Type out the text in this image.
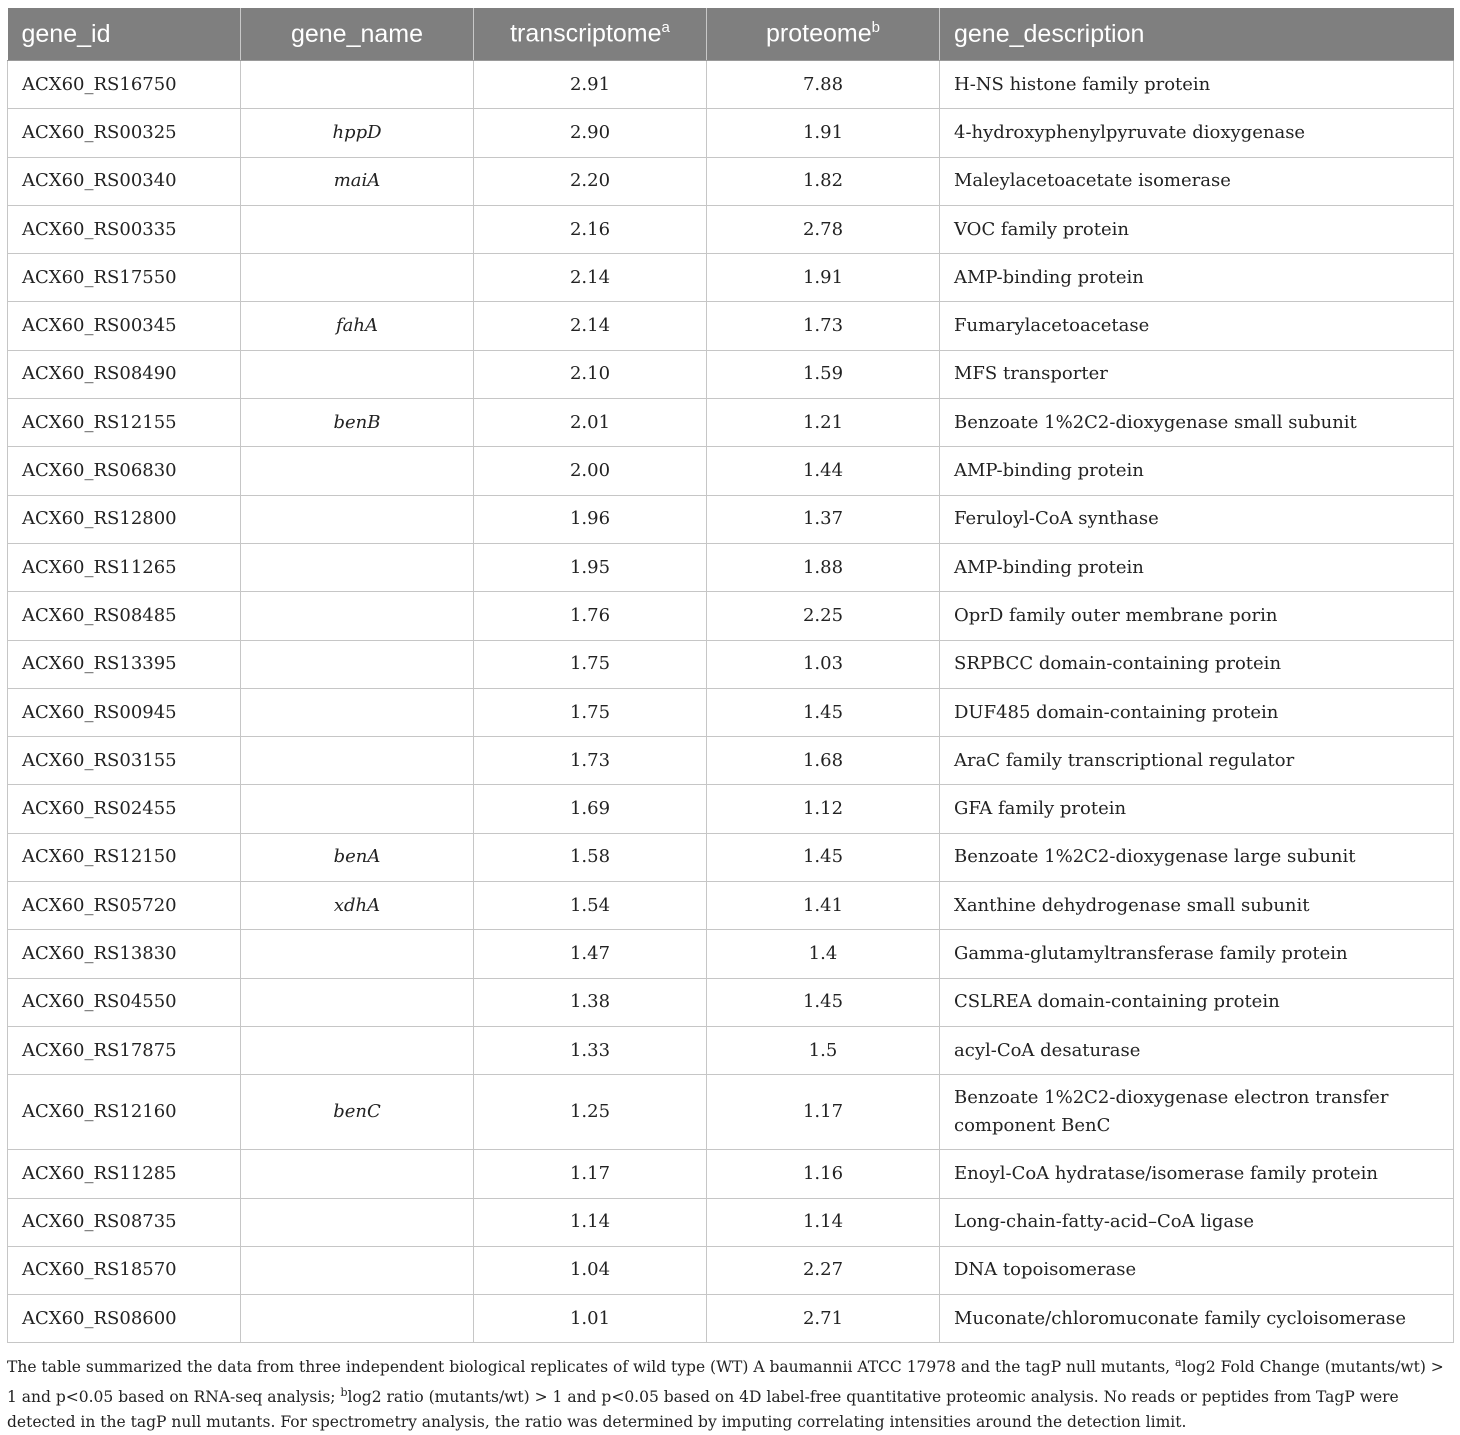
gene_id	gene_name	transcriptome$^a$	proteome$^b$	gene_description
ACX60_RS16750		2.91	7.88	H-NS histone family protein
ACX60_RS00325	hppD	2.90	1.91	4-hydroxyphenylpyruvate dioxygenase
ACX60_RS00340	maiA	2.20	1.82	Maleylacetoacetate isomerase
ACX60_RS00335		2.16	2.78	VOC family protein
ACX60_RS17550		2.14	1.91	AMP-binding protein
ACX60_RS00345	fahA	2.14	1.73	Fumarylacetoacetase
ACX60_RS08490		2.10	1.59	MFS transporter
ACX60_RS12155	benB	2.01	1.21	Benzoate 1%2C2-dioxygenase small subunit
ACX60_RS06830		2.00	1.44	AMP-binding protein
ACX60_RS12800		1.96	1.37	Feruloyl-CoA synthase
ACX60_RS11265		1.95	1.88	AMP-binding protein
ACX60_RS08485		1.76	2.25	OprD family outer membrane porin
ACX60_RS13395		1.75	1.03	SRPBCC domain-containing protein
ACX60_RS00945		1.75	1.45	DUF485 domain-containing protein
ACX60_RS03155		1.73	1.68	AraC family transcriptional regulator
ACX60_RS02455		1.69	1.12	GFA family protein
ACX60_RS12150	benA	1.58	1.45	Benzoate 1%2C2-dioxygenase large subunit
ACX60_RS05720	xdhA	1.54	1.41	Xanthine dehydrogenase small subunit
ACX60_RS13830		1.47	1.4	Gamma-glutamyltransferase family protein
ACX60_RS04550		1.38	1.45	CSLREA domain-containing protein
ACX60_RS17875		1.33	1.5	acyl-CoA desaturase
ACX60_RS12160	benC	1.25	1.17	Benzoate 1%2C2-dioxygenase electron transfer component BenC
ACX60_RS11285		1.17	1.16	Enoyl-CoA hydratase/isomerase family protein
ACX60_RS08735		1.14	1.14	Long-chain-fatty-acid–CoA ligase
ACX60_RS18570		1.04	2.27	DNA topoisomerase
ACX60_RS08600		1.01	2.71	Muconate/chloromuconate family cycloisomerase
The table summarized the data from three independent biological replicates of wild type (WT) A baumannii ATCC 17978 and the tagP null mutants, $^a$log2 Fold Change (mutants/wt) > 1 and p<0.05 based on RNA-seq analysis; $^b$log2 ratio (mutants/wt) > 1 and p<0.05 based on 4D label-free quantitative proteomic analysis. No reads or peptides from TagP were detected in the tagP null mutants. For spectrometry analysis, the ratio was determined by imputing correlating intensities around the detection limit.
